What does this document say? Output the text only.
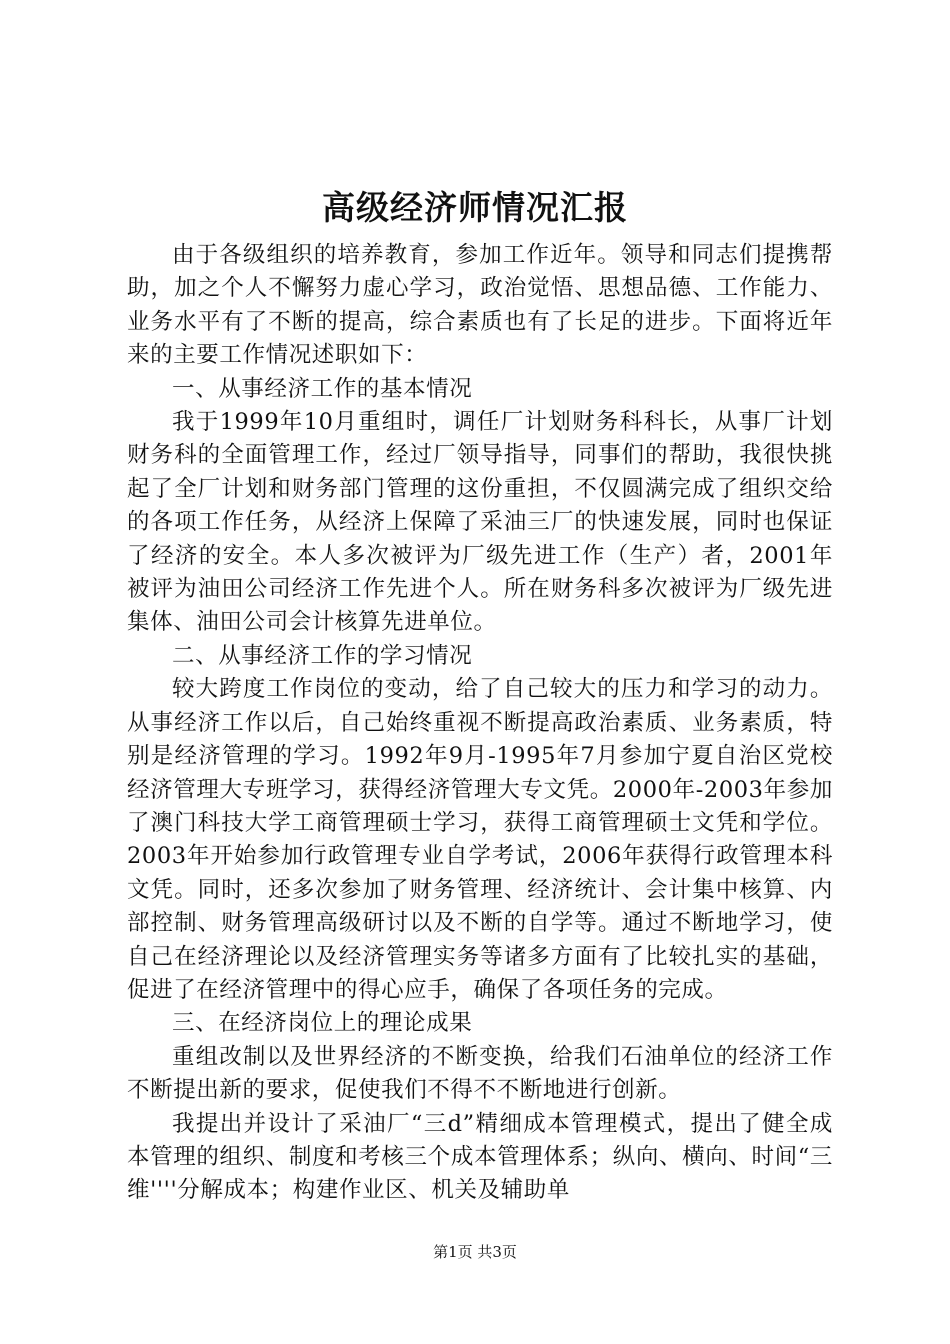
高级经济师情况汇报

由于各级组织的培养教育，参加工作近年。领导和同志们提携帮助，加之个人不懈努力虚心学习，政治觉悟、思想品德、工作能力、业务水平有了不断的提高，综合素质也有了长足的进步。下面将近年来的主要工作情况述职如下：

一、从事经济工作的基本情况

我于1999年10月重组时，调任厂计划财务科科长，从事厂计划财务科的全面管理工作，经过厂领导指导，同事们的帮助，我很快挑起了全厂计划和财务部门管理的这份重担，不仅圆满完成了组织交给的各项工作任务，从经济上保障了采油三厂的快速发展，同时也保证了经济的安全。本人多次被评为厂级先进工作（生产）者，2001年被评为油田公司经济工作先进个人。所在财务科多次被评为厂级先进集体、油田公司会计核算先进单位。

二、从事经济工作的学习情况

较大跨度工作岗位的变动，给了自己较大的压力和学习的动力。从事经济工作以后，自己始终重视不断提高政治素质、业务素质，特别是经济管理的学习。1992年9月-1995年7月参加宁夏自治区党校经济管理大专班学习，获得经济管理大专文凭。2000年-2003年参加了澳门科技大学工商管理硕士学习，获得工商管理硕士文凭和学位。2003年开始参加行政管理专业自学考试，2006年获得行政管理本科文凭。同时，还多次参加了财务管理、经济统计、会计集中核算、内部控制、财务管理高级研讨以及不断的自学等。通过不断地学习，使自己在经济理论以及经济管理实务等诸多方面有了比较扎实的基础，促进了在经济管理中的得心应手，确保了各项任务的完成。

三、在经济岗位上的理论成果

重组改制以及世界经济的不断变换，给我们石油单位的经济工作不断提出新的要求，促使我们不得不不断地进行创新。

我提出并设计了采油厂“三d”精细成本管理模式，提出了健全成本管理的组织、制度和考核三个成本管理体系；纵向、横向、时间“三维''''分解成本；构建作业区、机关及辅助单

第1页 共3页
